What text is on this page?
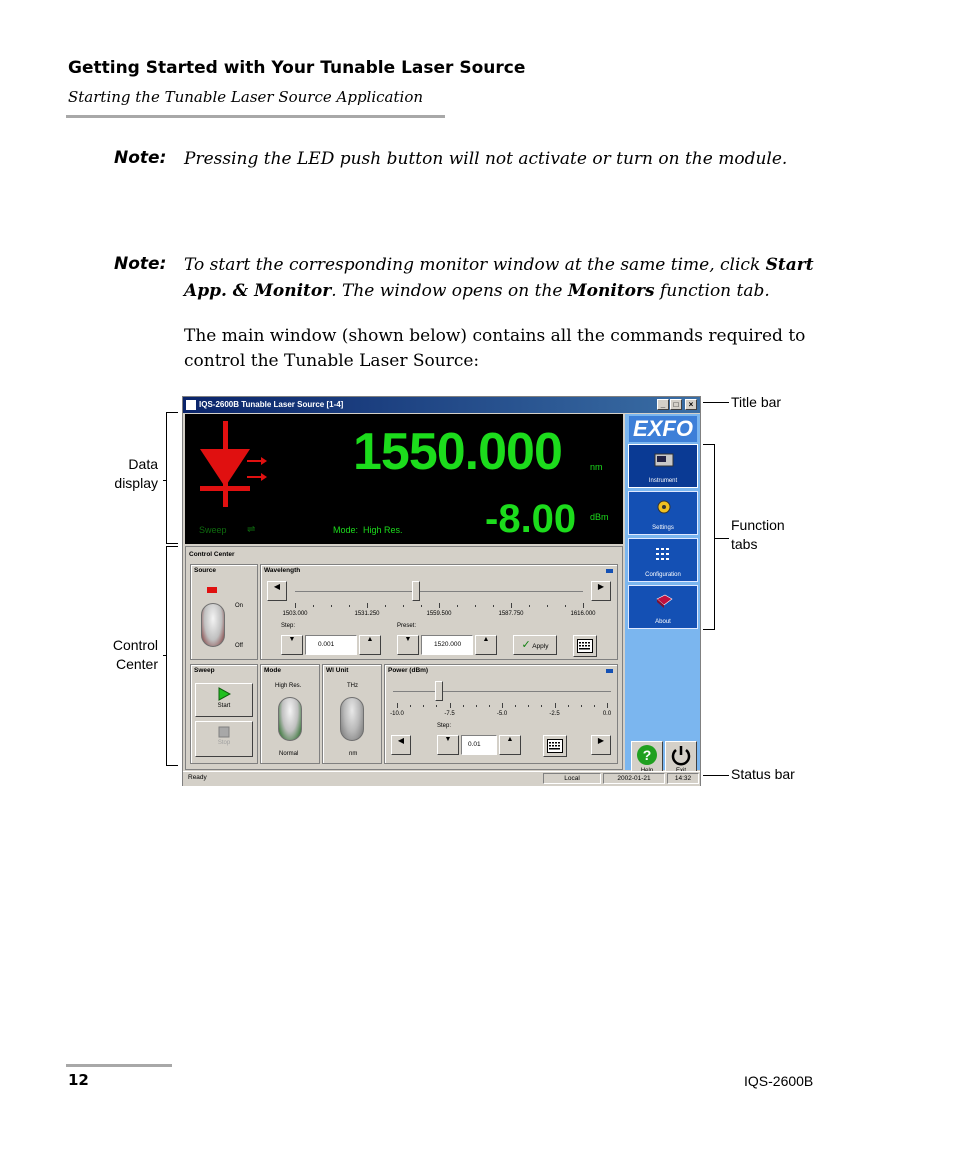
Getting Started with Your Tunable Laser Source
Starting the Tunable Laser Source Application
Note: Pressing the LED push button will not activate or turn on the module.
Note: To start the corresponding monitor window at the same time, click Start
App. & Monitor. The window opens on the Monitors function tab.
The main window (shown below) contains all the commands required to
control the Tunable Laser Source:
IQS-2600B Tunable Laser Source [1-4]	_	□	×
1550.000	nm
-8.00 dBm
Sweep ⇌	Mode: High Res.
EXFO
Instrument
Settings
Configuration
About
?
Control Center
Source
On
Off
Wavelength
◀	▶
1503.000	1531.250	1559.500	1587.750	1616.000
Step:
▼
0.001
▲
Preset:
▼
1520.000
▲	✓ Apply
Sweep
Start
Stop
Mode
High Res.
Normal
Wl Unit
THz
nm
Power (dBm)
-10.0	-7.5	-5.0	-2.5	0.0
Step:
◀	▼
0.01
▲	▶
Ready	Local	2002-01-21	14:32
Title bar
Data
display
Function
tabs
Control
Center
Status bar
12	IQS-2600B
